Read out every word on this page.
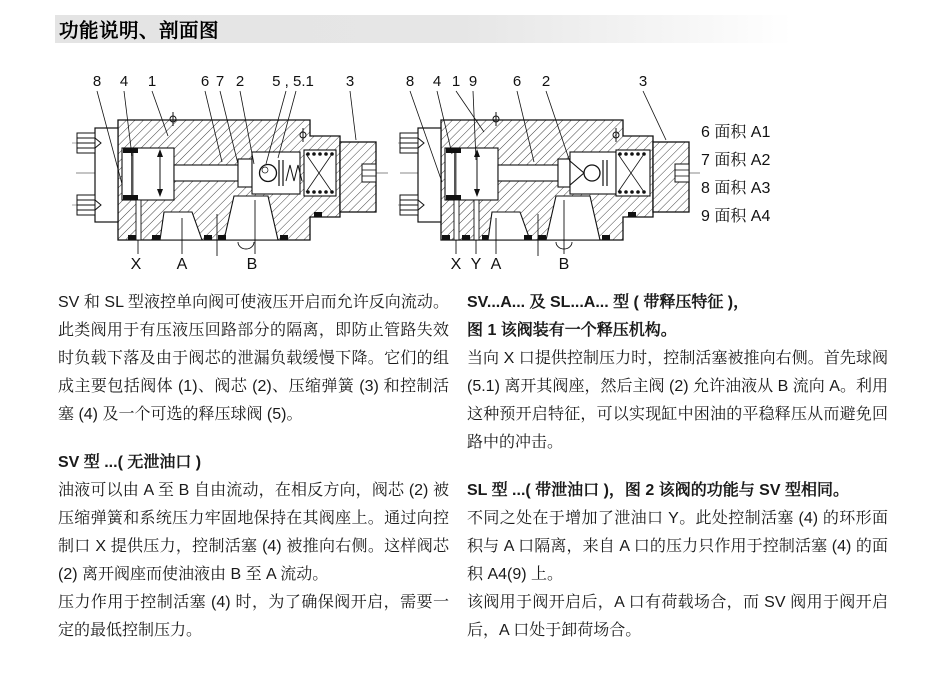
功能说明、剖面图
8 4 1	6 7 2 5 , 5.1 3
X A	B
8 4 1 9 6 2	3
X Y A	B
6 面积 A1
7 面积 A2
8 面积 A3
9 面积 A4

SV 和 SL 型液控单向阀可使液压开启而允许反向流动。此类阀用于有压液压回路部分的隔离，即防止管路失效时负载下落及由于阀芯的泄漏负载缓慢下降。它们的组成主要包括阀体 (1)、阀芯 (2)、压缩弹簧 (3) 和控制活塞 (4) 及一个可选的释压球阀 (5)。

SV 型 ...( 无泄油口 )

油液可以由 A 至 B 自由流动，在相反方向，阀芯 (2) 被压缩弹簧和系统压力牢固地保持在其阀座上。通过向控制口 X 提供压力，控制活塞 (4) 被推向右侧。这样阀芯 (2) 离开阀座而使油液由 B 至 A 流动。

压力作用于控制活塞 (4) 时，为了确保阀开启，需要一定的最低控制压力。

SV...A... 及 SL...A... 型 ( 带释压特征 )，

图 1 该阀装有一个释压机构。

当向 X 口提供控制压力时，控制活塞被推向右侧。首先球阀 (5.1) 离开其阀座，然后主阀 (2) 允许油液从 B 流向 A。利用这种预开启特征，可以实现缸中困油的平稳释压从而避免回路中的冲击。

SL 型 ...( 带泄油口 )，图 2 该阀的功能与 SV 型相同。

不同之处在于增加了泄油口 Y。此处控制活塞 (4) 的环形面积与 A 口隔离，来自 A 口的压力只作用于控制活塞 (4) 的面积 A4(9) 上。

该阀用于阀开启后，A 口有荷载场合，而 SV 阀用于阀开启后，A 口处于卸荷场合。
